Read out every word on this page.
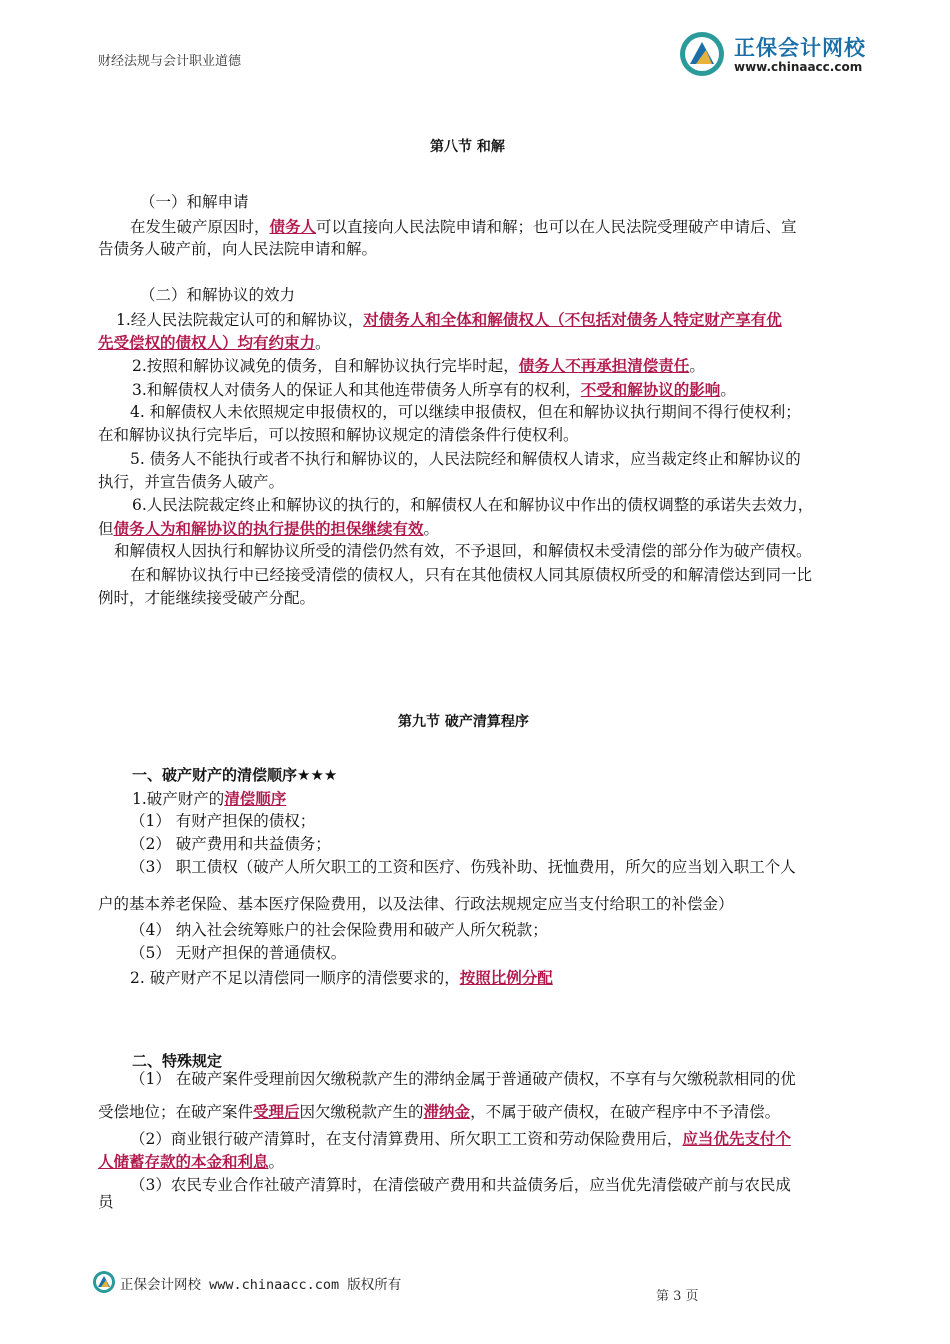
财经法规与会计职业道德
正保会计网校
www.chinaacc.com
第八节 和解
（一）和解申请
在发生破产原因时，债务人可以直接向人民法院申请和解；也可以在人民法院受理破产申请后、宣
告债务人破产前，向人民法院申请和解。
（二）和解协议的效力
1.经人民法院裁定认可的和解协议，对债务人和全体和解债权人（不包括对债务人特定财产享有优
先受偿权的债权人）均有约束力。
2.按照和解协议减免的债务，自和解协议执行完毕时起，债务人不再承担清偿责任。
3.和解债权人对债务人的保证人和其他连带债务人所享有的权利，不受和解协议的影响。
4. 和解债权人未依照规定申报债权的，可以继续申报债权，但在和解协议执行期间不得行使权利；
在和解协议执行完毕后，可以按照和解协议规定的清偿条件行使权利。
5. 债务人不能执行或者不执行和解协议的，人民法院经和解债权人请求，应当裁定终止和解协议的
执行，并宣告债务人破产。
6.人民法院裁定终止和解协议的执行的，和解债权人在和解协议中作出的债权调整的承诺失去效力，
但债务人为和解协议的执行提供的担保继续有效。
和解债权人因执行和解协议所受的清偿仍然有效，不予退回，和解债权未受清偿的部分作为破产债权。
在和解协议执行中已经接受清偿的债权人，只有在其他债权人同其原债权所受的和解清偿达到同一比
例时，才能继续接受破产分配。
第九节 破产清算程序
一、破产财产的清偿顺序★★★
1.破产财产的清偿顺序
（1） 有财产担保的债权；
（2） 破产费用和共益债务；
（3） 职工债权（破产人所欠职工的工资和医疗、伤残补助、抚恤费用，所欠的应当划入职工个人
户的基本养老保险、基本医疗保险费用，以及法律、行政法规规定应当支付给职工的补偿金）
（4） 纳入社会统筹账户的社会保险费用和破产人所欠税款；
（5） 无财产担保的普通债权。
2. 破产财产不足以清偿同一顺序的清偿要求的，按照比例分配
二、特殊规定
（1） 在破产案件受理前因欠缴税款产生的滞纳金属于普通破产债权，不享有与欠缴税款相同的优
受偿地位；在破产案件受理后因欠缴税款产生的滞纳金，不属于破产债权，在破产程序中不予清偿。
（2）商业银行破产清算时，在支付清算费用、所欠职工工资和劳动保险费用后，应当优先支付个
人储蓄存款的本金和利息。
（3）农民专业合作社破产清算时，在清偿破产费用和共益债务后，应当优先清偿破产前与农民成
员
正保会计网校 www.chinaacc.com 版权所有
第 3 页
